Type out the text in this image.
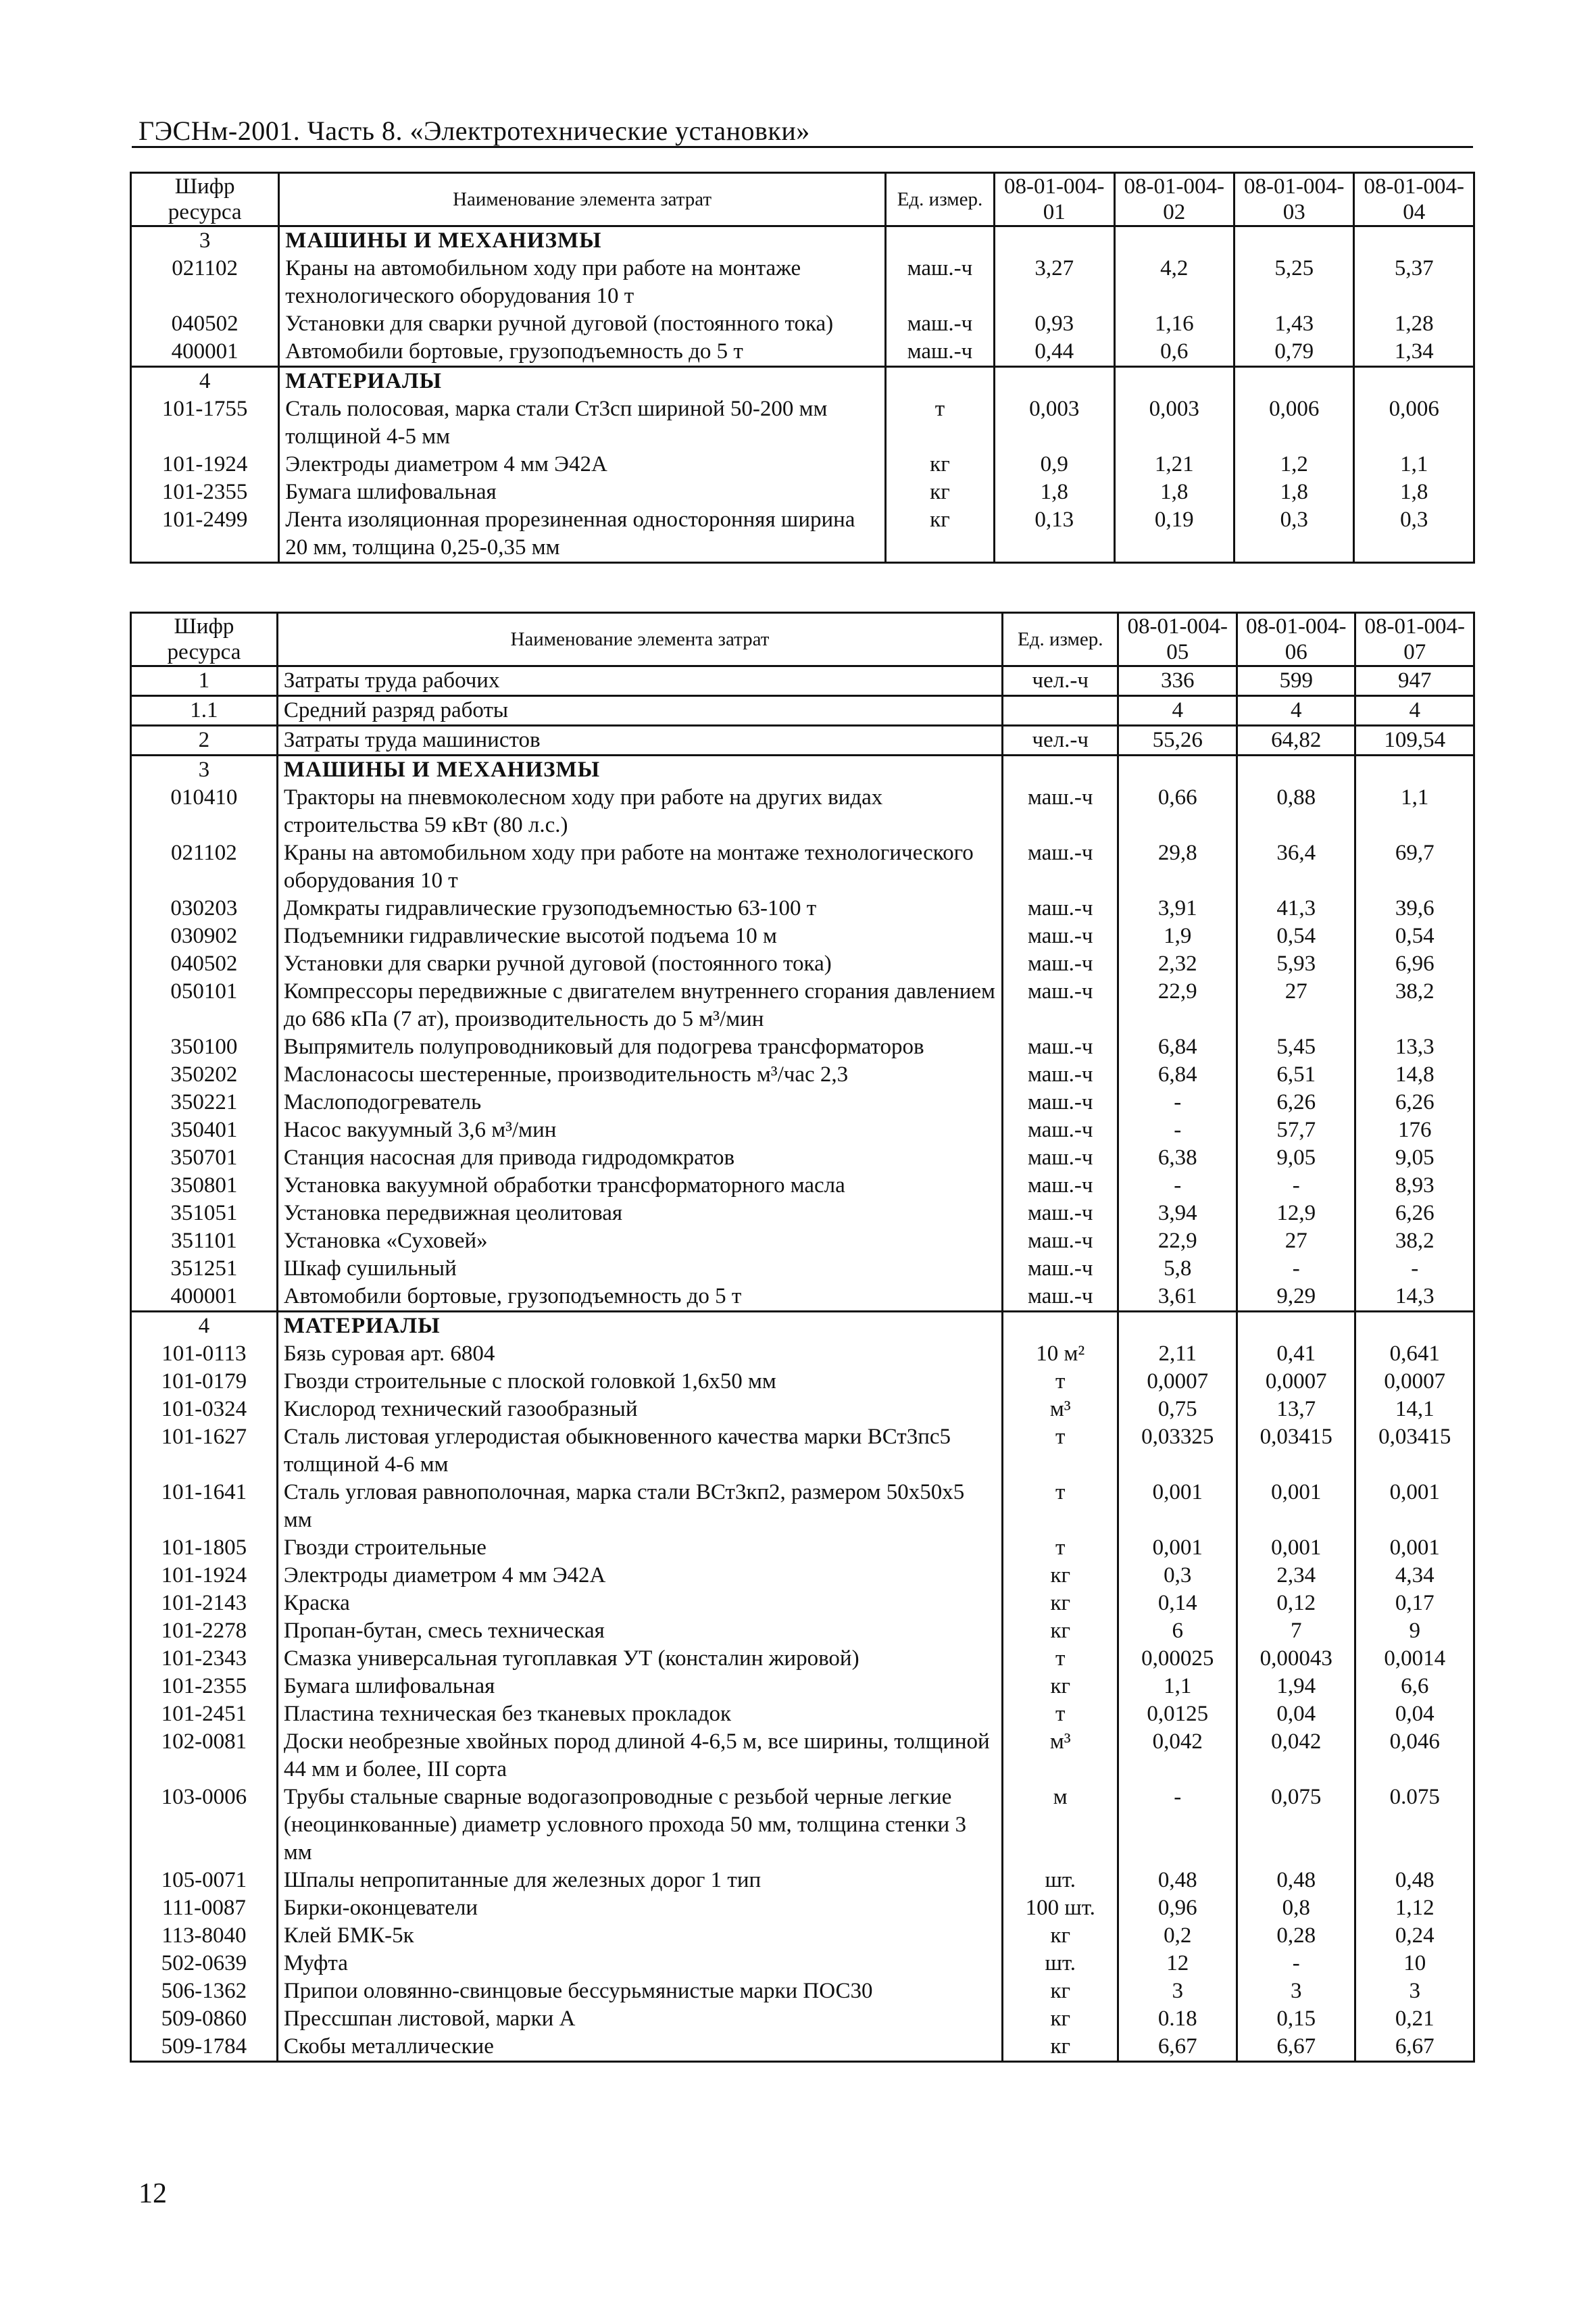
ГЭСНм-2001. Часть 8. «Электротехнические установки»
Шифр ресурса	Наименование элемента затрат	Ед. измер.	08-01-004-01	08-01-004-02	08-01-004-03	08-01-004-04
3	МАШИНЫ И МЕХАНИЗМЫ					
021102	Краны на автомобильном ходу при работе на монтаже технологического оборудования 10 т	маш.-ч	3,27	4,2	5,25	5,37
040502	Установки для сварки ручной дуговой (постоянного тока)	маш.-ч	0,93	1,16	1,43	1,28
400001	Автомобили бортовые, грузоподъемность до 5 т	маш.-ч	0,44	0,6	0,79	1,34
4	МАТЕРИАЛЫ					
101-1755	Сталь полосовая, марка стали Ст3сп шириной 50-200 мм толщиной 4-5 мм	т	0,003	0,003	0,006	0,006
101-1924	Электроды диаметром 4 мм Э42А	кг	0,9	1,21	1,2	1,1
101-2355	Бумага шлифовальная	кг	1,8	1,8	1,8	1,8
101-2499	Лента изоляционная прорезиненная односторонняя ширина 20 мм, толщина 0,25-0,35 мм	кг	0,13	0,19	0,3	0,3
Шифр ресурса	Наименование элемента затрат	Ед. измер.	08-01-004-05	08-01-004-06	08-01-004-07
1	Затраты труда рабочих	чел.-ч	336	599	947
1.1	Средний разряд работы		4	4	4
2	Затраты труда машинистов	чел.-ч	55,26	64,82	109,54
3	МАШИНЫ И МЕХАНИЗМЫ				
010410	Тракторы на пневмоколесном ходу при работе на других видах строительства 59 кВт (80 л.с.)	маш.-ч	0,66	0,88	1,1
021102	Краны на автомобильном ходу при работе на монтаже технологического оборудования 10 т	маш.-ч	29,8	36,4	69,7
030203	Домкраты гидравлические грузоподъемностью 63-100 т	маш.-ч	3,91	41,3	39,6
030902	Подъемники гидравлические высотой подъема 10 м	маш.-ч	1,9	0,54	0,54
040502	Установки для сварки ручной дуговой (постоянного тока)	маш.-ч	2,32	5,93	6,96
050101	Компрессоры передвижные с двигателем внутреннего сгорания давлением до 686 кПа (7 ат), производительность до 5 м³/мин	маш.-ч	22,9	27	38,2
350100	Выпрямитель полупроводниковый для подогрева трансформаторов	маш.-ч	6,84	5,45	13,3
350202	Маслонасосы шестеренные, производительность м³/час 2,3	маш.-ч	6,84	6,51	14,8
350221	Маслоподогреватель	маш.-ч	-	6,26	6,26
350401	Насос вакуумный 3,6 м³/мин	маш.-ч	-	57,7	176
350701	Станция насосная для привода гидродомкратов	маш.-ч	6,38	9,05	9,05
350801	Установка вакуумной обработки трансформаторного масла	маш.-ч	-	-	8,93
351051	Установка передвижная цеолитовая	маш.-ч	3,94	12,9	6,26
351101	Установка «Суховей»	маш.-ч	22,9	27	38,2
351251	Шкаф сушильный	маш.-ч	5,8	-	-
400001	Автомобили бортовые, грузоподъемность до 5 т	маш.-ч	3,61	9,29	14,3
4	МАТЕРИАЛЫ				
101-0113	Бязь суровая арт. 6804	10 м²	2,11	0,41	0,641
101-0179	Гвозди строительные с плоской головкой 1,6х50 мм	т	0,0007	0,0007	0,0007
101-0324	Кислород технический газообразный	м³	0,75	13,7	14,1
101-1627	Сталь листовая углеродистая обыкновенного качества марки ВСт3пс5 толщиной 4-6 мм	т	0,03325	0,03415	0,03415
101-1641	Сталь угловая равнополочная, марка стали ВСт3кп2, размером 50х50х5 мм	т	0,001	0,001	0,001
101-1805	Гвозди строительные	т	0,001	0,001	0,001
101-1924	Электроды диаметром 4 мм Э42А	кг	0,3	2,34	4,34
101-2143	Краска	кг	0,14	0,12	0,17
101-2278	Пропан-бутан, смесь техническая	кг	6	7	9
101-2343	Смазка универсальная тугоплавкая УТ (консталин жировой)	т	0,00025	0,00043	0,0014
101-2355	Бумага шлифовальная	кг	1,1	1,94	6,6
101-2451	Пластина техническая без тканевых прокладок	т	0,0125	0,04	0,04
102-0081	Доски необрезные хвойных пород длиной 4-6,5 м, все ширины, толщиной 44 мм и более, III сорта	м³	0,042	0,042	0,046
103-0006	Трубы стальные сварные водогазопроводные с резьбой черные легкие (неоцинкованные) диаметр условного прохода 50 мм, толщина стенки 3 мм	м	-	0,075	0.075
105-0071	Шпалы непропитанные для железных дорог 1 тип	шт.	0,48	0,48	0,48
111-0087	Бирки-оконцеватели	100 шт.	0,96	0,8	1,12
113-8040	Клей БМК-5к	кг	0,2	0,28	0,24
502-0639	Муфта	шт.	12	-	10
506-1362	Припои оловянно-свинцовые бессурьмянистые марки ПОС30	кг	3	3	3
509-0860	Прессшпан листовой, марки А	кг	0.18	0,15	0,21
509-1784	Скобы металлические	кг	6,67	6,67	6,67
12
